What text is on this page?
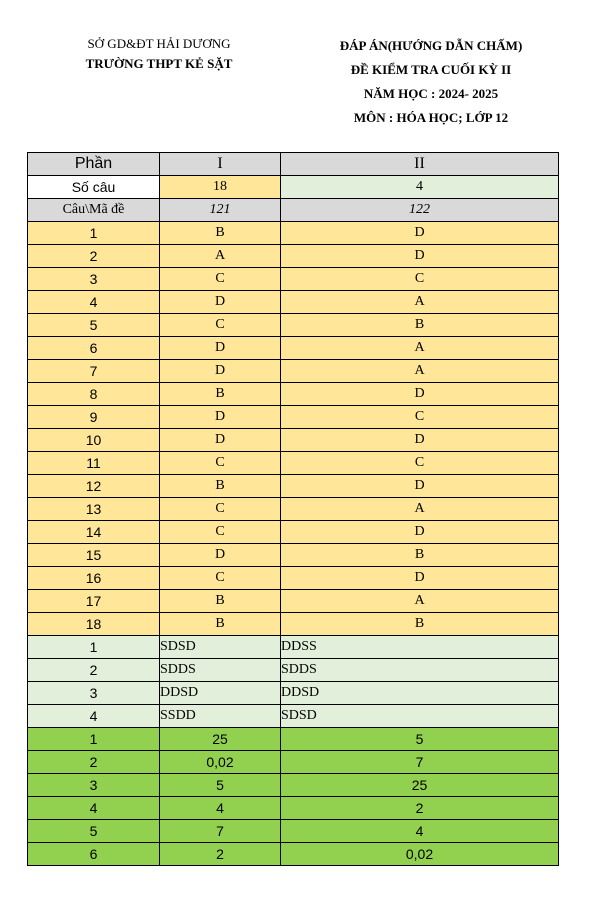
SỞ GD&ĐT HẢI DƯƠNG
TRƯỜNG THPT KẺ SẶT
ĐÁP ÁN(HƯỚNG DẪN CHẤM)
ĐỀ KIỂM TRA CUỐI KỲ II
NĂM HỌC : 2024- 2025
MÔN : HÓA HỌC; LỚP 12
Phần	I	II
Số câu	18	4
Câu\Mã đề	121	122
1	B	D
2	A	D
3	C	C
4	D	A
5	C	B
6	D	A
7	D	A
8	B	D
9	D	C
10	D	D
11	C	C
12	B	D
13	C	A
14	C	D
15	D	B
16	C	D
17	B	A
18	B	B
1	SDSD	DDSS
2	SDDS	SDDS
3	DDSD	DDSD
4	SSDD	SDSD
1	25	5
2	0,02	7
3	5	25
4	4	2
5	7	4
6	2	0,02
